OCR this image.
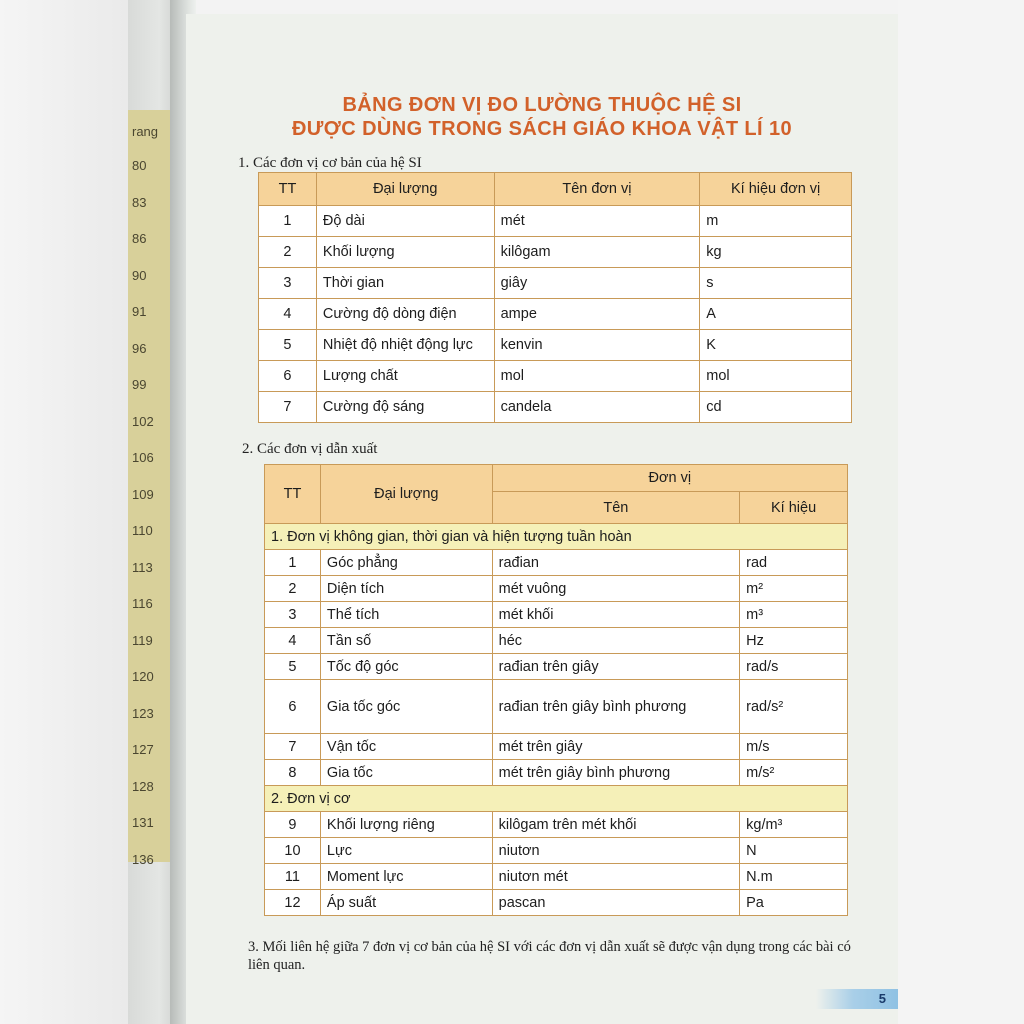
rang
80
83
86
90
91
96
99
102
106
109
110
113
116
119
120
123
127
128
131
136
BẢNG ĐƠN VỊ ĐO LƯỜNG THUỘC HỆ SI
ĐƯỢC DÙNG TRONG SÁCH GIÁO KHOA VẬT LÍ 10
1. Các đơn vị cơ bản của hệ SI
TT	Đại lượng	Tên đơn vị	Kí hiệu đơn vị
1	Độ dài	mét	m
2	Khối lượng	kilôgam	kg
3	Thời gian	giây	s
4	Cường độ dòng điện	ampe	A
5	Nhiệt độ nhiệt động lực	kenvin	K
6	Lượng chất	mol	mol
7	Cường độ sáng	candela	cd
2. Các đơn vị dẫn xuất
TT	Đại lượng	Đơn vị	
		Tên	Kí hiệu
1. Đơn vị không gian, thời gian và hiện tượng tuần hoàn			
1	Góc phẳng	rađian	rad
2	Diện tích	mét vuông	m²
3	Thể tích	mét khối	m³
4	Tần số	héc	Hz
5	Tốc độ góc	rađian trên giây	rad/s
6	Gia tốc góc	rađian trên giây bình phương	rad/s²
7	Vận tốc	mét trên giây	m/s
8	Gia tốc	mét trên giây bình phương	m/s²
2. Đơn vị cơ			
9	Khối lượng riêng	kilôgam trên mét khối	kg/m³
10	Lực	niutơn	N
11	Moment lực	niutơn mét	N.m
12	Áp suất	pascan	Pa
3. Mối liên hệ giữa 7 đơn vị cơ bản của hệ SI với các đơn vị dẫn xuất sẽ được vận dụng trong các bài có liên quan.
5
